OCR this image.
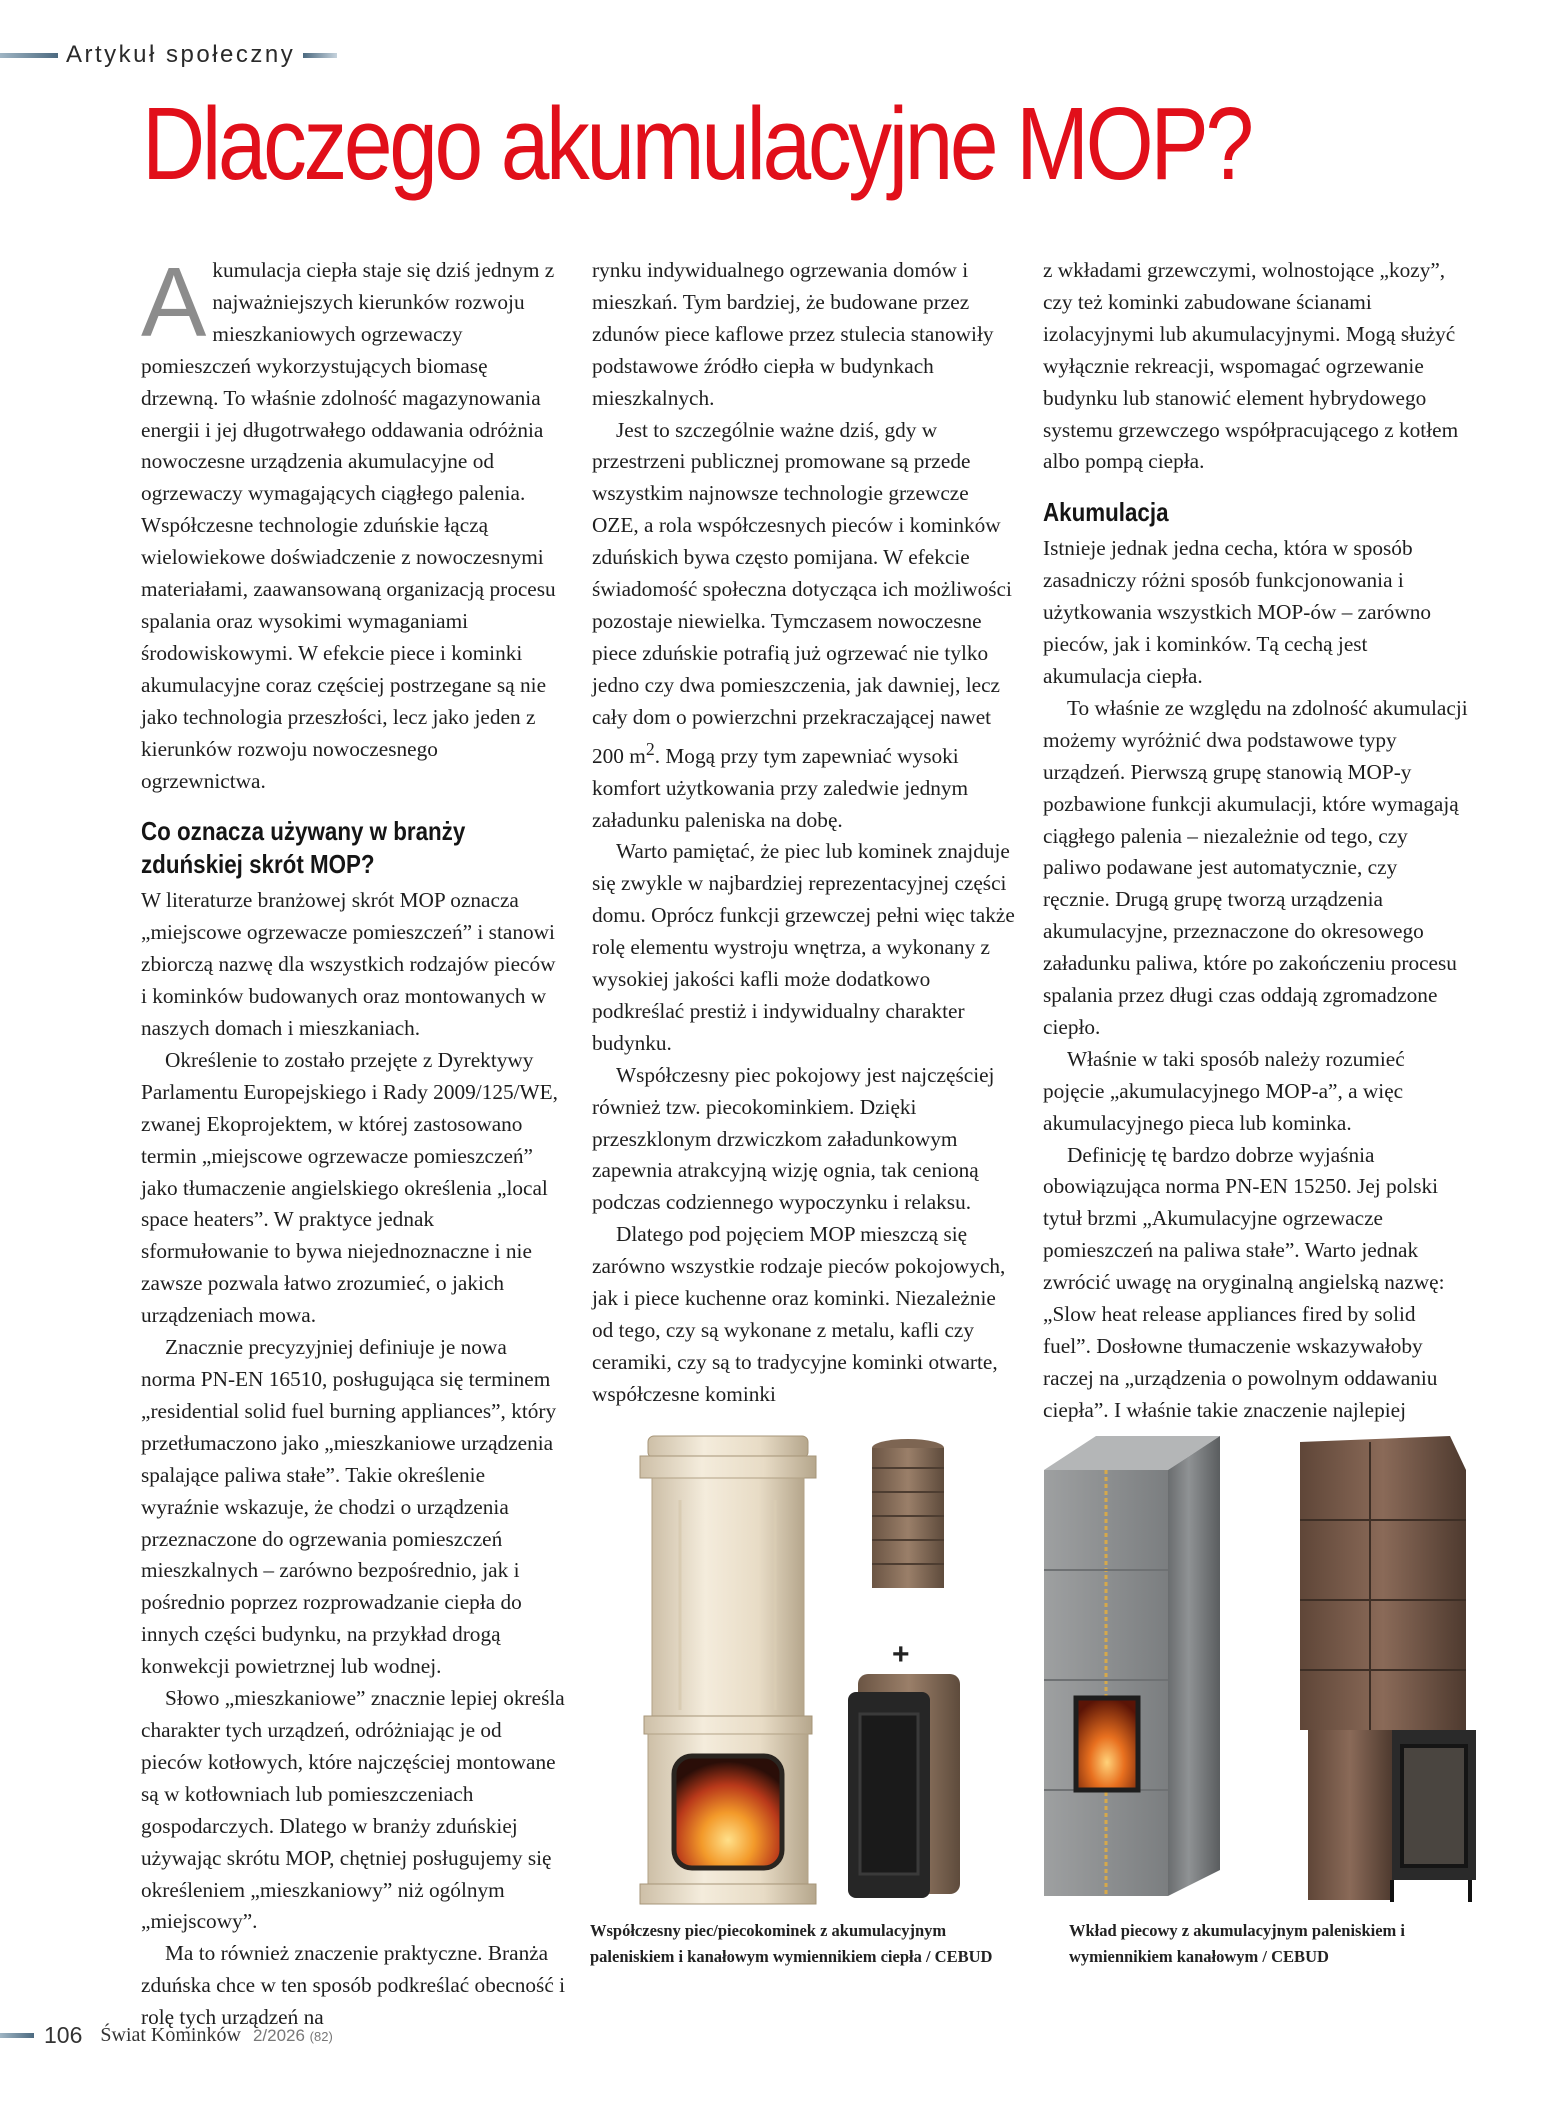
Artykuł społeczny
Dlaczego akumulacyjne MOP?

Akumulacja ciepła staje się dziś jednym z najważniejszych kierunków rozwoju mieszkaniowych ogrzewaczy pomieszczeń wykorzystujących biomasę drzewną. To właśnie zdolność magazynowania energii i jej długotrwałego oddawania odróżnia nowoczesne urządzenia akumulacyjne od ogrzewaczy wymagających ciągłego palenia. Współczesne technologie zduńskie łączą wielowiekowe doświadczenie z nowoczesnymi materiałami, zaawansowaną organizacją procesu spalania oraz wysokimi wymaganiami środowiskowymi. W efekcie piece i kominki akumulacyjne coraz częściej postrzegane są nie jako technologia przeszłości, lecz jako jeden z kierunków rozwoju nowoczesnego ogrzewnictwa.

Co oznacza używany w branży zduńskiej skrót MOP?

W literaturze branżowej skrót MOP oznacza „miejscowe ogrzewacze pomieszczeń” i stanowi zbiorczą nazwę dla wszystkich rodzajów pieców i kominków budowanych oraz montowanych w naszych domach i mieszkaniach.

Określenie to zostało przejęte z Dyrektywy Parlamentu Europejskiego i Rady 2009/125/WE, zwanej Ekoprojektem, w której zastosowano termin „miejscowe ogrzewacze pomieszczeń” jako tłumaczenie angielskiego określenia „local space heaters”. W praktyce jednak sformułowanie to bywa niejednoznaczne i nie zawsze pozwala łatwo zrozumieć, o jakich urządzeniach mowa.

Znacznie precyzyjniej definiuje je nowa norma PN-EN 16510, posługująca się terminem „residential solid fuel burning appliances”, który przetłumaczono jako „mieszkaniowe urządzenia spalające paliwa stałe”. Takie określenie wyraźnie wskazuje, że chodzi o urządzenia przeznaczone do ogrzewania pomieszczeń mieszkalnych – zarówno bezpośrednio, jak i pośrednio poprzez rozprowadzanie ciepła do innych części budynku, na przykład drogą konwekcji powietrznej lub wodnej.

Słowo „mieszkaniowe” znacznie lepiej określa charakter tych urządzeń, odróżniając je od pieców kotłowych, które najczęściej montowane są w kotłowniach lub pomieszczeniach gospodarczych. Dlatego w branży zduńskiej używając skrótu MOP, chętniej posługujemy się określeniem „mieszkaniowy” niż ogólnym „miejscowy”.

Ma to również znaczenie praktyczne. Branża zduńska chce w ten sposób podkreślać obecność i rolę tych urządzeń na

rynku indywidualnego ogrzewania domów i mieszkań. Tym bardziej, że budowane przez zdunów piece kaflowe przez stulecia stanowiły podstawowe źródło ciepła w budynkach mieszkalnych.

Jest to szczególnie ważne dziś, gdy w przestrzeni publicznej promowane są przede wszystkim najnowsze technologie grzewcze OZE, a rola współczesnych pieców i kominków zduńskich bywa często pomijana. W efekcie świadomość społeczna dotycząca ich możliwości pozostaje niewielka. Tymczasem nowoczesne piece zduńskie potrafią już ogrzewać nie tylko jedno czy dwa pomieszczenia, jak dawniej, lecz cały dom o powierzchni przekraczającej nawet 200 $m^2$. Mogą przy tym zapewniać wysoki komfort użytkowania przy zaledwie jednym załadunku paleniska na dobę.

Warto pamiętać, że piec lub kominek znajduje się zwykle w najbardziej reprezentacyjnej części domu. Oprócz funkcji grzewczej pełni więc także rolę elementu wystroju wnętrza, a wykonany z wysokiej jakości kafli może dodatkowo podkreślać prestiż i indywidualny charakter budynku.

Współczesny piec pokojowy jest najczęściej również tzw. piecokominkiem. Dzięki przeszklonym drzwiczkom załadunkowym zapewnia atrakcyjną wizję ognia, tak cenioną podczas codziennego wypoczynku i relaksu.

Dlatego pod pojęciem MOP mieszczą się zarówno wszystkie rodzaje pieców pokojowych, jak i piece kuchenne oraz kominki. Niezależnie od tego, czy są wykonane z metalu, kafli czy ceramiki, czy są to tradycyjne kominki otwarte, współczesne kominki

z wkładami grzewczymi, wolnostojące „kozy”, czy też kominki zabudowane ścianami izolacyjnymi lub akumulacyjnymi. Mogą służyć wyłącznie rekreacji, wspomagać ogrzewanie budynku lub stanowić element hybrydowego systemu grzewczego współpracującego z kotłem albo pompą ciepła.

Akumulacja

Istnieje jednak jedna cecha, która w sposób zasadniczy różni sposób funkcjonowania i użytkowania wszystkich MOP-ów – zarówno pieców, jak i kominków. Tą cechą jest akumulacja ciepła.

To właśnie ze względu na zdolność akumulacji możemy wyróżnić dwa podstawowe typy urządzeń. Pierwszą grupę stanowią MOP-y pozbawione funkcji akumulacji, które wymagają ciągłego palenia – niezależnie od tego, czy paliwo podawane jest automatycznie, czy ręcznie. Drugą grupę tworzą urządzenia akumulacyjne, przeznaczone do okresowego załadunku paliwa, które po zakończeniu procesu spalania przez długi czas oddają zgromadzone ciepło.

Właśnie w taki sposób należy rozumieć pojęcie „akumulacyjnego MOP-a”, a więc akumulacyjnego pieca lub kominka.

Definicję tę bardzo dobrze wyjaśnia obowiązująca norma PN-EN 15250. Jej polski tytuł brzmi „Akumulacyjne ogrzewacze pomieszczeń na paliwa stałe”. Warto jednak zwrócić uwagę na oryginalną angielską nazwę: „Slow heat release appliances fired by solid fuel”. Dosłowne tłumaczenie wskazywałoby raczej na „urządzenia o powolnym oddawaniu ciepła”. I właśnie takie znaczenie najlepiej

+
Współczesny piec/piecokominek z akumulacyjnym paleniskiem i kanałowym wymiennikiem ciepła / CEBUD
Wkład piecowy z akumulacyjnym paleniskiem i wymiennikiem kanałowym / CEBUD
106 Świat Kominków 2/2026 (82)
